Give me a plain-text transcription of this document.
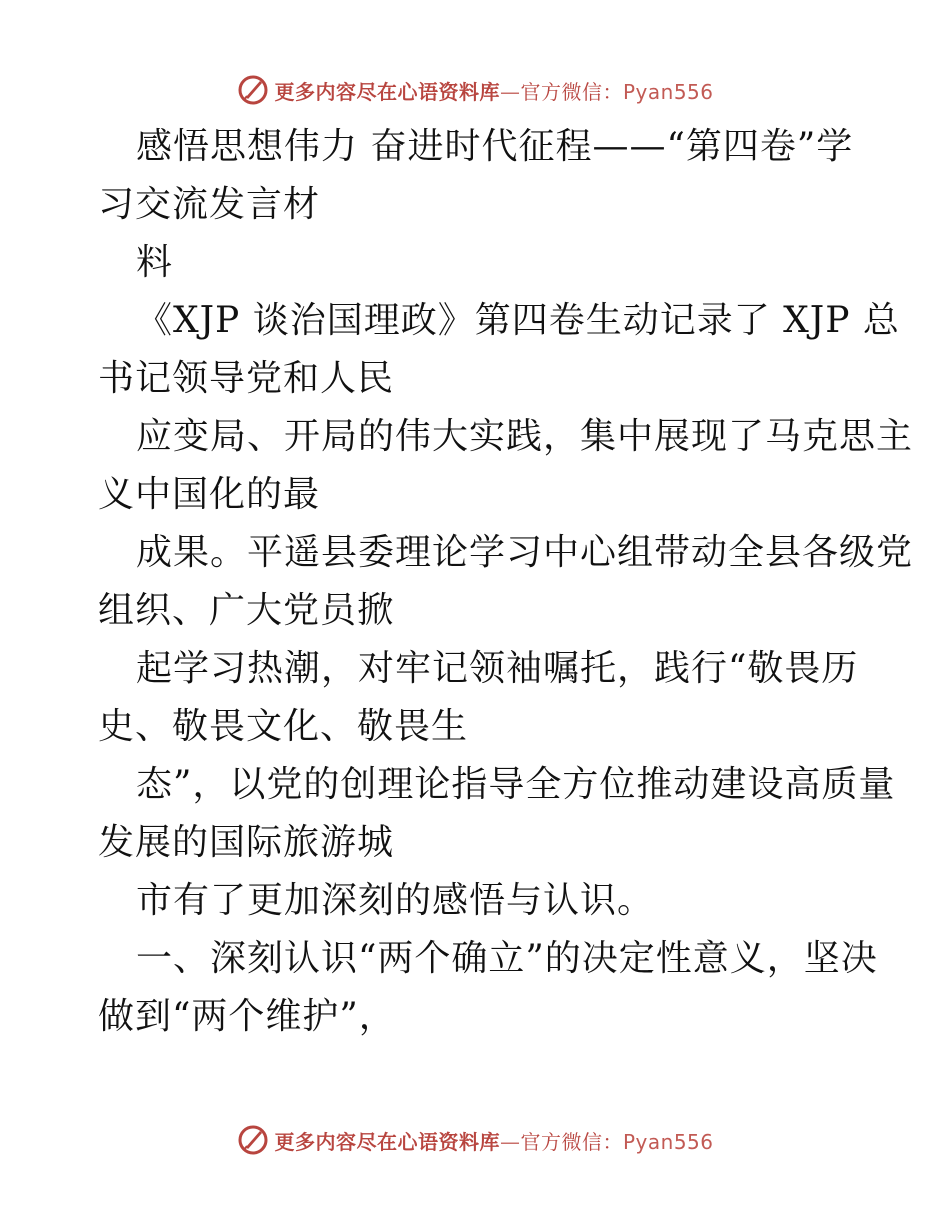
更多内容尽在心语资料库—官方微信：Pyan556
感悟思想伟力 奋进时代征程——“第四卷”学
习交流发言材
料
《XJP 谈治国理政》第四卷生动记录了 XJP 总
书记领导党和人民
应变局、开局的伟大实践，集中展现了马克思主
义中国化的最
成果。平遥县委理论学习中心组带动全县各级党
组织、广大党员掀
起学习热潮，对牢记领袖嘱托，践行“敬畏历
史、敬畏文化、敬畏生
态”，以党的创理论指导全方位推动建设高质量
发展的国际旅游城
市有了更加深刻的感悟与认识。
一、深刻认识“两个确立”的决定性意义，坚决
做到“两个维护”，
更多内容尽在心语资料库—官方微信：Pyan556
